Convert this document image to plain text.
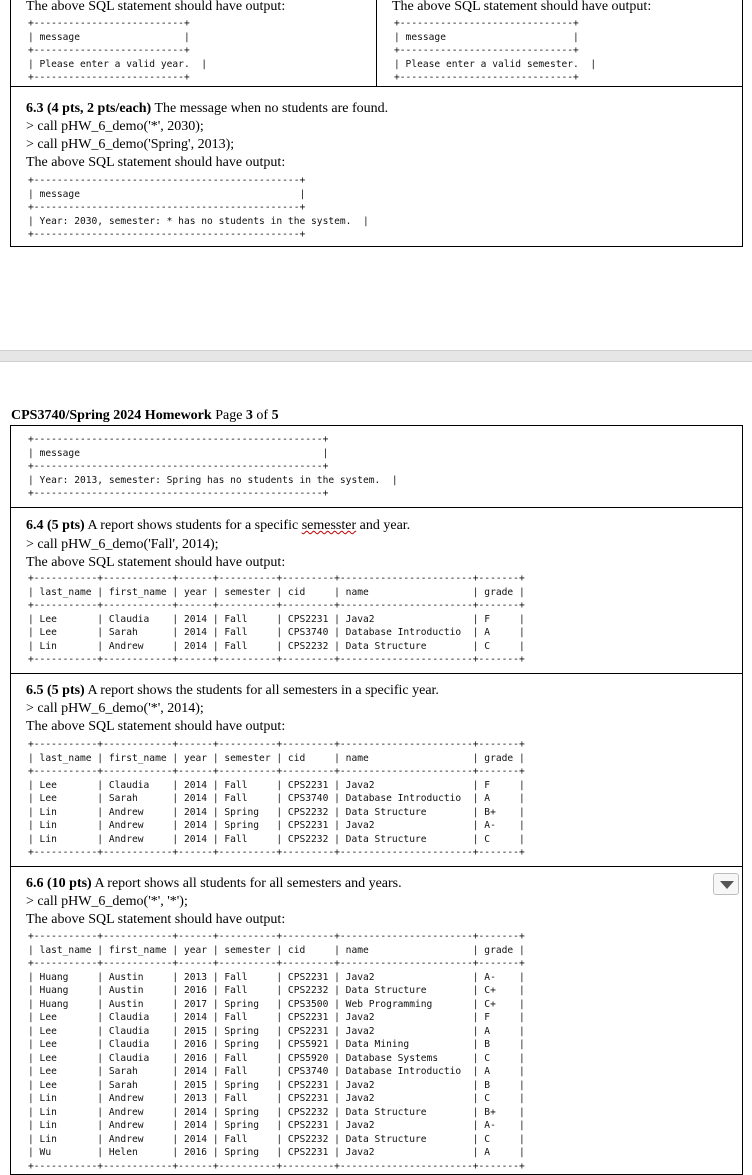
The above SQL statement should have output:
+--------------------------+
| message                  |
+--------------------------+
| Please enter a valid year.  |
+--------------------------+
The above SQL statement should have output:
+------------------------------+
| message                      |
+------------------------------+
| Please enter a valid semester.  |
+------------------------------+
6.3 (4 pts, 2 pts/each) The message when no students are found.
> call pHW_6_demo('*', 2030);
> call pHW_6_demo('Spring', 2013);
The above SQL statement should have output:
+----------------------------------------------+
| message                                      |
+----------------------------------------------+
| Year: 2030, semester: * has no students in the system.  |
+----------------------------------------------+
CPS3740/Spring 2024 Homework Page 3 of 5
+--------------------------------------------------+
| message                                          |
+--------------------------------------------------+
| Year: 2013, semester: Spring has no students in the system.  |
+--------------------------------------------------+
6.4 (5 pts) A report shows students for a specific semesster and year.
> call pHW_6_demo('Fall', 2014);
The above SQL statement should have output:
+-----------+------------+------+----------+---------+-----------------------+-------+
| last_name | first_name | year | semester | cid     | name                  | grade |
+-----------+------------+------+----------+---------+-----------------------+-------+
| Lee       | Claudia    | 2014 | Fall     | CPS2231 | Java2                 | F     |
| Lee       | Sarah      | 2014 | Fall     | CPS3740 | Database Introductio  | A     |
| Lin       | Andrew     | 2014 | Fall     | CPS2232 | Data Structure        | C     |
+-----------+------------+------+----------+---------+-----------------------+-------+
6.5 (5 pts) A report shows the students for all semesters in a specific year.
> call pHW_6_demo('*', 2014);
The above SQL statement should have output:
+-----------+------------+------+----------+---------+-----------------------+-------+
| last_name | first_name | year | semester | cid     | name                  | grade |
+-----------+------------+------+----------+---------+-----------------------+-------+
| Lee       | Claudia    | 2014 | Fall     | CPS2231 | Java2                 | F     |
| Lee       | Sarah      | 2014 | Fall     | CPS3740 | Database Introductio  | A     |
| Lin       | Andrew     | 2014 | Spring   | CPS2232 | Data Structure        | B+    |
| Lin       | Andrew     | 2014 | Spring   | CPS2231 | Java2                 | A-    |
| Lin       | Andrew     | 2014 | Fall     | CPS2232 | Data Structure        | C     |
+-----------+------------+------+----------+---------+-----------------------+-------+
6.6 (10 pts) A report shows all students for all semesters and years.
> call pHW_6_demo('*', '*');
The above SQL statement should have output:
+-----------+------------+------+----------+---------+-----------------------+-------+
| last_name | first_name | year | semester | cid     | name                  | grade |
+-----------+------------+------+----------+---------+-----------------------+-------+
| Huang     | Austin     | 2013 | Fall     | CPS2231 | Java2                 | A-    |
| Huang     | Austin     | 2016 | Fall     | CPS2232 | Data Structure        | C+    |
| Huang     | Austin     | 2017 | Spring   | CPS3500 | Web Programming       | C+    |
| Lee       | Claudia    | 2014 | Fall     | CPS2231 | Java2                 | F     |
| Lee       | Claudia    | 2015 | Spring   | CPS2231 | Java2                 | A     |
| Lee       | Claudia    | 2016 | Spring   | CPS5921 | Data Mining           | B     |
| Lee       | Claudia    | 2016 | Fall     | CPS5920 | Database Systems      | C     |
| Lee       | Sarah      | 2014 | Fall     | CPS3740 | Database Introductio  | A     |
| Lee       | Sarah      | 2015 | Spring   | CPS2231 | Java2                 | B     |
| Lin       | Andrew     | 2013 | Fall     | CPS2231 | Java2                 | C     |
| Lin       | Andrew     | 2014 | Spring   | CPS2232 | Data Structure        | B+    |
| Lin       | Andrew     | 2014 | Spring   | CPS2231 | Java2                 | A-    |
| Lin       | Andrew     | 2014 | Fall     | CPS2232 | Data Structure        | C     |
| Wu        | Helen      | 2016 | Spring   | CPS2231 | Java2                 | A     |
+-----------+------------+------+----------+---------+-----------------------+-------+
